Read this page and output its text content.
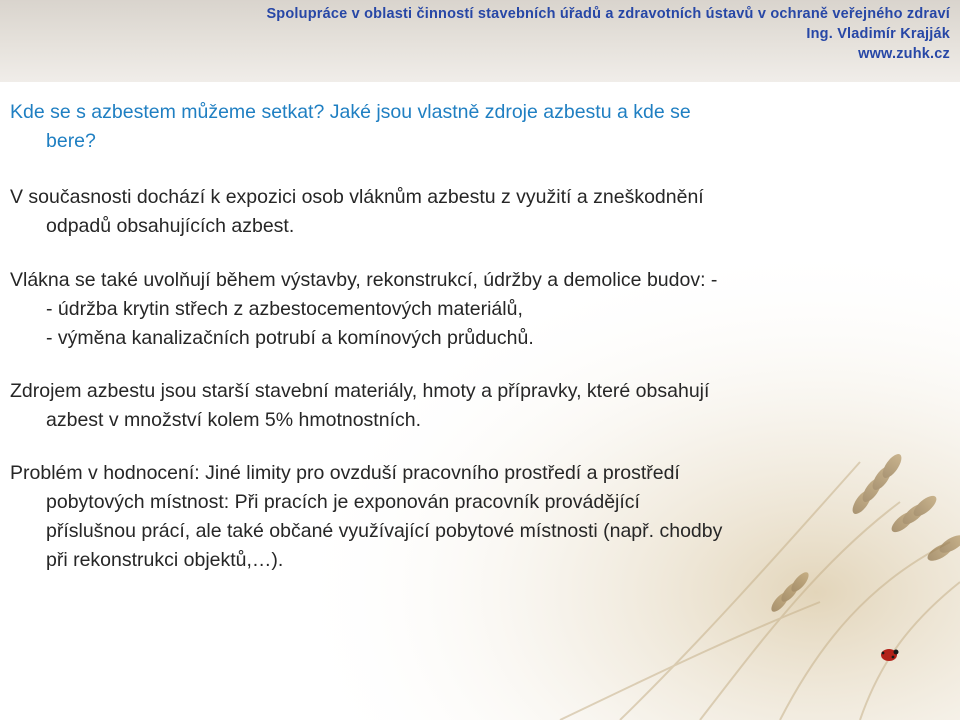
Spolupráce v oblasti činností stavebních úřadů a zdravotních ústavů v ochraně veřejného zdraví
Ing. Vladimír Krajják
www.zuhk.cz

Kde se s azbestem můžeme setkat? Jaké jsou vlastně zdroje azbestu a kde se
bere?

V současnosti dochází k expozici osob vláknům azbestu z využití a zneškodnění
odpadů obsahujících azbest.

Vlákna se také uvolňují během výstavby, rekonstrukcí, údržby a demolice budov: -
- údržba krytin střech z azbestocementových materiálů,
- výměna kanalizačních potrubí a komínových průduchů.

Zdrojem azbestu jsou starší stavební materiály, hmoty a přípravky, které obsahují
azbest v množství kolem 5% hmotnostních.

Problém v hodnocení: Jiné limity pro ovzduší pracovního prostředí a prostředí
pobytových místnost: Při pracích je exponován pracovník provádějící
příslušnou prácí, ale také občané využívající pobytové místnosti (např. chodby
při rekonstrukci objektů,…).
